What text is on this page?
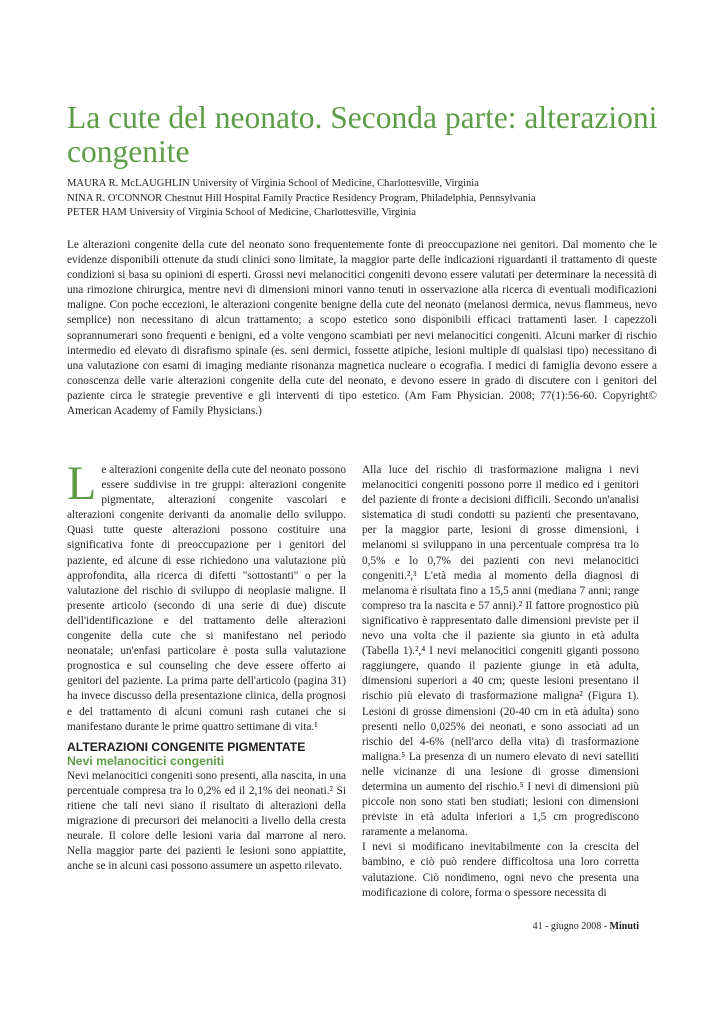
La cute del neonato. Seconda parte: alterazioni congenite
MAURA R. McLAUGHLIN University of Virginia School of Medicine, Charlottesville, Virginia
NINA R. O'CONNOR Chestnut Hill Hospital Family Practice Residency Program, Philadelphia, Pennsylvania
PETER HAM University of Virginia School of Medicine, Charlottesville, Virginia
Le alterazioni congenite della cute del neonato sono frequentemente fonte di preoccupazione nei genitori. Dal momento che le evidenze disponibili ottenute da studi clinici sono limitate, la maggior parte delle indicazioni riguardanti il trattamento di queste condizioni si basa su opinioni di esperti. Grossi nevi melanocitici congeniti devono essere valutati per determinare la necessità di una rimozione chirurgica, mentre nevi di dimensioni minori vanno tenuti in osservazione alla ricerca di eventuali modificazioni maligne. Con poche eccezioni, le alterazioni congenite benigne della cute del neonato (melanosi dermica, nevus flammeus, nevo semplice) non necessitano di alcun trattamento; a scopo estetico sono disponibili efficaci trattamenti laser. I capezzoli soprannumerari sono frequenti e benigni, ed a volte vengono scambiati per nevi melanocitici congeniti. Alcuni marker di rischio intermedio ed elevato di disrafismo spinale (es. seni dermici, fossette atipiche, lesioni multiple di qualsiasi tipo) necessitano di una valutazione con esami di imaging mediante risonanza magnetica nucleare o ecografia. I medici di famiglia devono essere a conoscenza delle varie alterazioni congenite della cute del neonato, e devono essere in grado di discutere con i genitori del paziente circa le strategie preventive e gli interventi di tipo estetico. (Am Fam Physician. 2008; 77(1):56-60. Copyright© American Academy of Family Physicians.)

Le alterazioni congenite della cute del neonato possono essere suddivise in tre gruppi: alterazioni congenite pigmentate, alterazioni congenite vascolari e alterazioni congenite derivanti da anomalie dello sviluppo. Quasi tutte queste alterazioni possono costituire una significativa fonte di preoccupazione per i genitori del paziente, ed alcune di esse richiedono una valutazione più approfondita, alla ricerca di difetti "sottostanti" o per la valutazione del rischio di sviluppo di neoplasie maligne. Il presente articolo (secondo di una serie di due) discute dell'identificazione e del trattamento delle alterazioni congenite della cute che si manifestano nel periodo neonatale; un'enfasi particolare è posta sulla valutazione prognostica e sul counseling che deve essere offerto ai genitori del paziente. La prima parte dell'articolo (pagina 31) ha invece discusso della presentazione clinica, della prognosi e del trattamento di alcuni comuni rash cutanei che si manifestano durante le prime quattro settimane di vita.¹

ALTERAZIONI CONGENITE PIGMENTATE
Nevi melanocitici congeniti

Nevi melanocitici congeniti sono presenti, alla nascita, in una percentuale compresa tra lo 0,2% ed il 2,1% dei neonati.² Si ritiene che tali nevi siano il risultato di alterazioni della migrazione di precursori dei melanociti a livello della cresta neurale. Il colore delle lesioni varia dal marrone al nero. Nella maggior parte dei pazienti le lesioni sono appiattite, anche se in alcuni casi possono assumere un aspetto rilevato.

Alla luce del rischio di trasformazione maligna i nevi melanocitici congeniti possono porre il medico ed i genitori del paziente di fronte a decisioni difficili. Secondo un'analisi sistematica di studi condotti su pazienti che presentavano, per la maggior parte, lesioni di grosse dimensioni, i melanomi si sviluppano in una percentuale compresa tra lo 0,5% e lo 0,7% dei pazienti con nevi melanocitici congeniti.²,³ L'età media al momento della diagnosi di melanoma è risultata fino a 15,5 anni (mediana 7 anni; range compreso tra la nascita e 57 anni).² Il fattore prognostico più significativo è rappresentato dalle dimensioni previste per il nevo una volta che il paziente sia giunto in età adulta (Tabella 1).²,⁴ I nevi melanocitici congeniti giganti possono raggiungere, quando il paziente giunge in età adulta, dimensioni superiori a 40 cm; queste lesioni presentano il rischio più elevato di trasformazione maligna² (Figura 1). Lesioni di grosse dimensioni (20-40 cm in età adulta) sono presenti nello 0,025% dei neonati, e sono associati ad un rischio del 4-6% (nell'arco della vita) di trasformazione maligna.⁵ La presenza di un numero elevato di nevi satelliti nelle vicinanze di una lesione di grosse dimensioni determina un aumento del rischio.⁵ I nevi di dimensioni più piccole non sono stati ben studiati; lesioni con dimensioni previste in età adulta inferiori a 1,5 cm progrediscono raramente a melanoma.

I nevi si modificano inevitabilmente con la crescita del bambino, e ciò può rendere difficoltosa una loro corretta valutazione. Ciò nondimeno, ogni nevo che presenta una modificazione di colore, forma o spessore necessita di

41 - giugno 2008 - Minuti
